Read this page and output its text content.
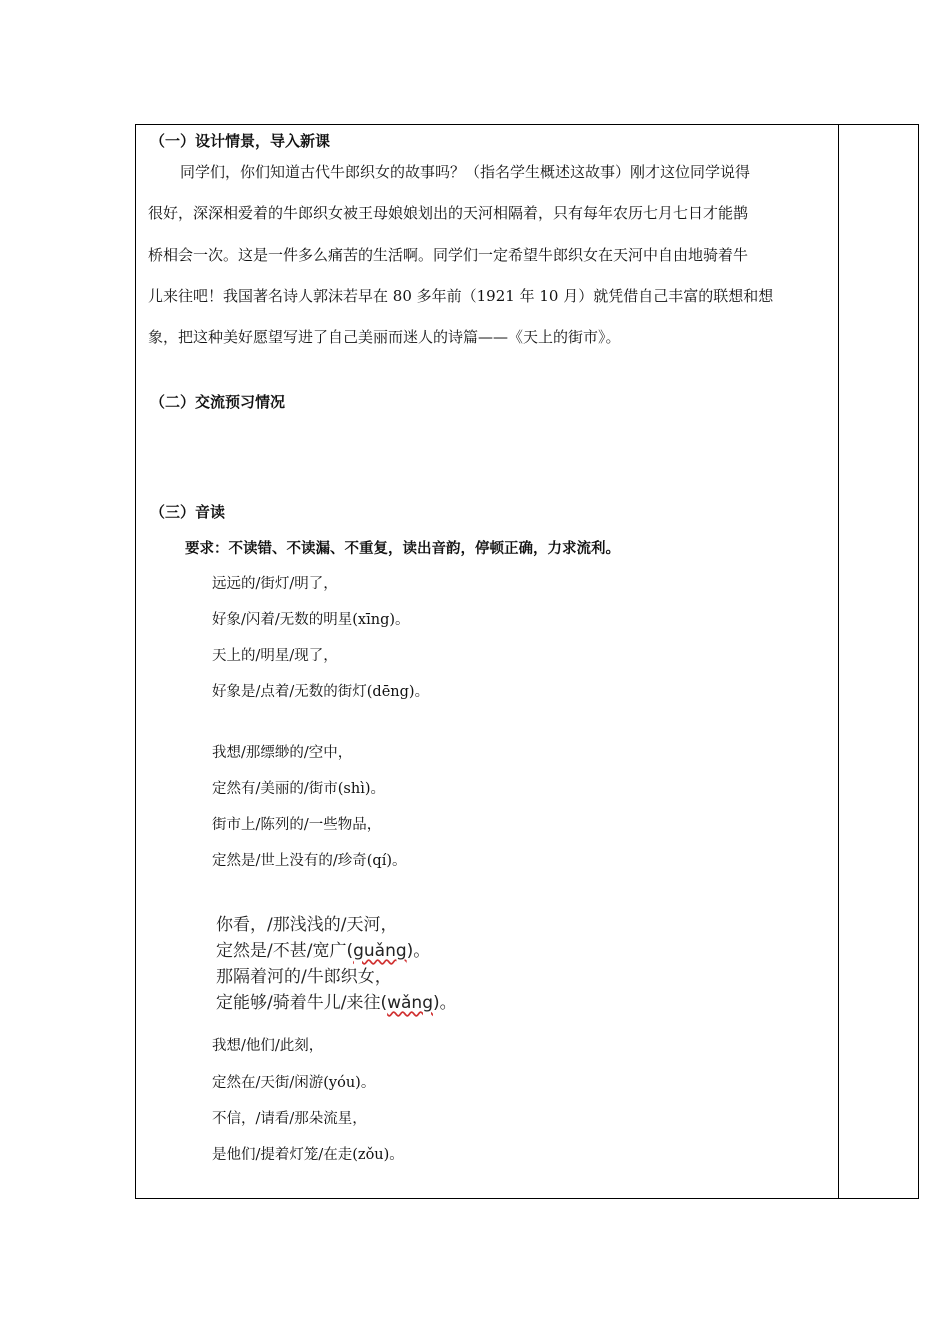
（一）设计情景，导入新课
同学们，你们知道古代牛郎织女的故事吗？（指名学生概述这故事）刚才这位同学说得
很好，深深相爱着的牛郎织女被王母娘娘划出的天河相隔着，只有每年农历七月七日才能鹊
桥相会一次。这是一件多么痛苦的生活啊。同学们一定希望牛郎织女在天河中自由地骑着牛
儿来往吧！我国著名诗人郭沫若早在 80 多年前（1921 年 10 月）就凭借自己丰富的联想和想
象，把这种美好愿望写进了自己美丽而迷人的诗篇——《天上的街市》。
（二）交流预习情况
（三）音读
要求：不读错、不读漏、不重复，读出音韵，停顿正确，力求流利。
远远的/街灯/明了，
好象/闪着/无数的明星(xīng)。
天上的/明星/现了，
好象是/点着/无数的街灯(dēng)。
我想/那缥缈的/空中，
定然有/美丽的/街市(shì)。
街市上/陈列的/一些物品，
定然是/世上没有的/珍奇(qí)。
你看，/那浅浅的/天河，
定然是/不甚/宽广(guǎng)。
那隔着河的/牛郎织女，
定能够/骑着牛儿/来往(wǎng)。
我想/他们/此刻，
定然在/天街/闲游(yóu)。
不信，/请看/那朵流星，
是他们/提着灯笼/在走(zǒu)。
